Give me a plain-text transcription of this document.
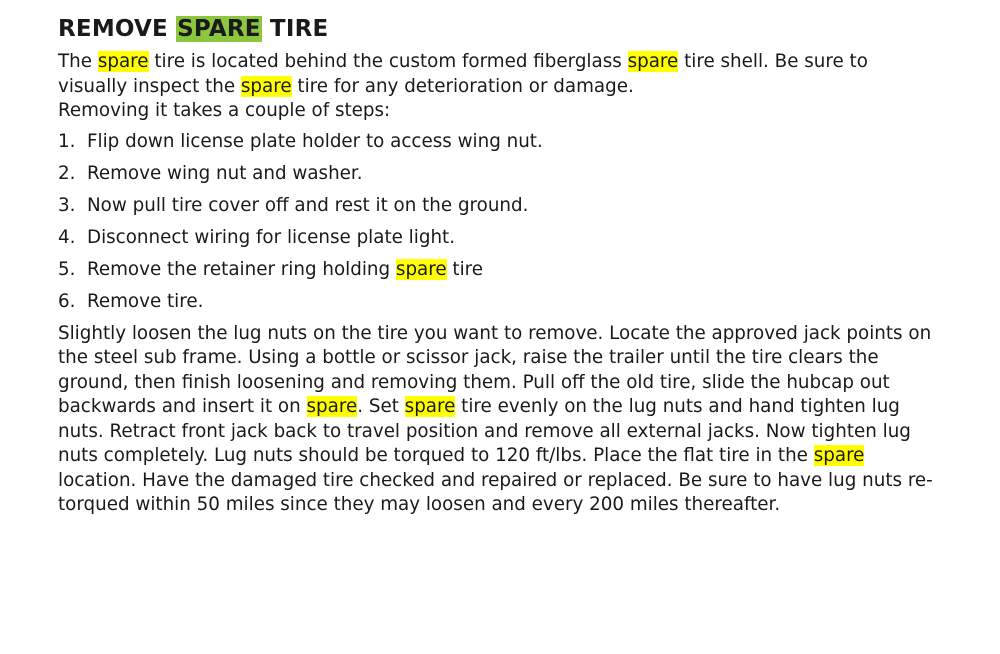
REMOVE SPARE TIRE

The spare tire is located behind the custom formed fiberglass spare tire shell. Be sure to visually inspect the spare tire for any deterioration or damage.

Removing it takes a couple of steps:

1. Flip down license plate holder to access wing nut.
2. Remove wing nut and washer.
3. Now pull tire cover off and rest it on the ground.
4. Disconnect wiring for license plate light.
5. Remove the retainer ring holding spare tire
6. Remove tire.

Slightly loosen the lug nuts on the tire you want to remove. Locate the approved jack points on the steel sub frame. Using a bottle or scissor jack, raise the trailer until the tire clears the ground, then finish loosening and removing them. Pull off the old tire, slide the hubcap out backwards and insert it on spare. Set spare tire evenly on the lug nuts and hand tighten lug nuts. Retract front jack back to travel position and remove all external jacks. Now tighten lug nuts completely. Lug nuts should be torqued to 120 ft/lbs. Place the flat tire in the spare location. Have the damaged tire checked and repaired or replaced. Be sure to have lug nuts re-torqued within 50 miles since they may loosen and every 200 miles thereafter.
